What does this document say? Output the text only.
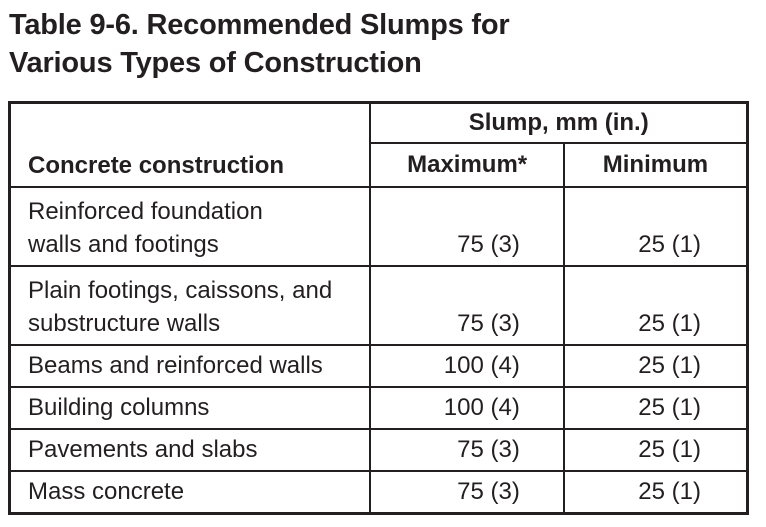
Table 9-6. Recommended Slumps for
Various Types of Construction
Concrete construction	Slump, mm (in.)	
	Maximum*	Minimum
Reinforced foundation
walls and footings	75 (3)	25 (1)
Plain footings, caissons, and
substructure walls	75 (3)	25 (1)
Beams and reinforced walls	100 (4)	25 (1)
Building columns	100 (4)	25 (1)
Pavements and slabs	75 (3)	25 (1)
Mass concrete	75 (3)	25 (1)
